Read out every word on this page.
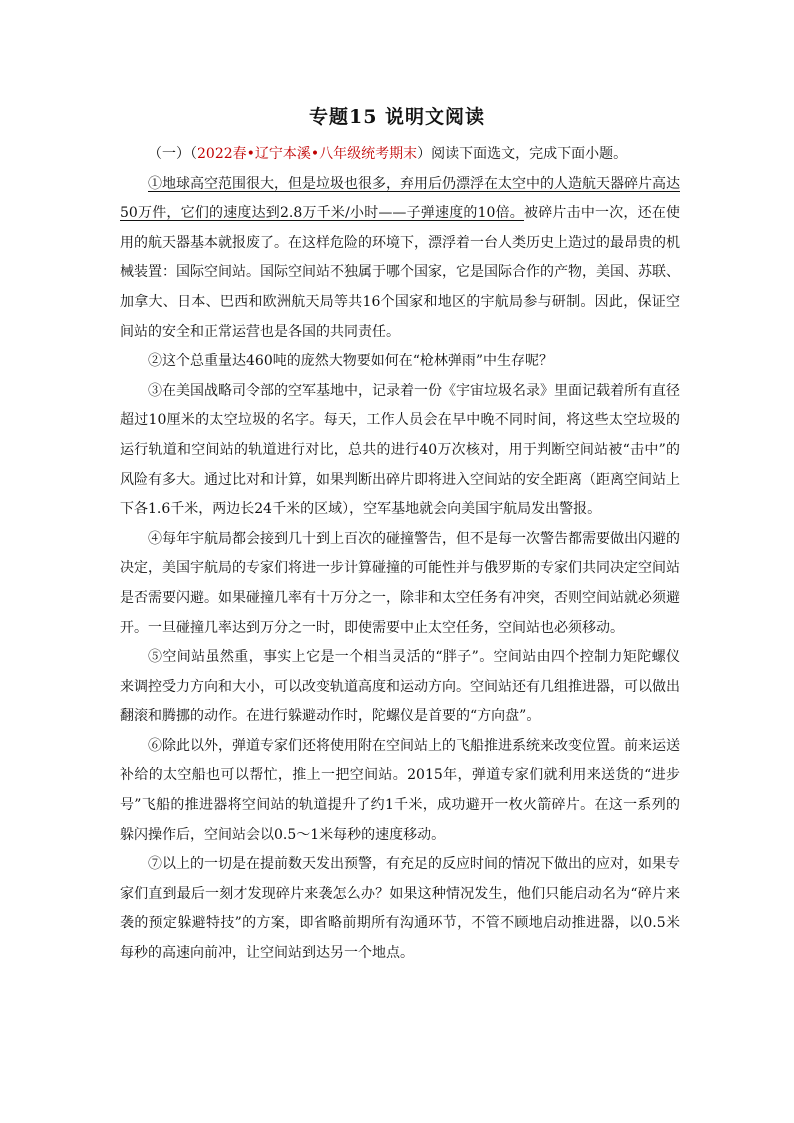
专题15 说明文阅读

（一）（2022春•辽宁本溪•八年级统考期末）阅读下面选文，完成下面小题。

①地球高空范围很大，但是垃圾也很多，弃用后仍漂浮在太空中的人造航天器碎片高达50万件，它们的速度达到2.8万千米/小时——子弹速度的10倍。被碎片击中一次，还在使用的航天器基本就报废了。在这样危险的环境下，漂浮着一台人类历史上造过的最昂贵的机械装置：国际空间站。国际空间站不独属于哪个国家，它是国际合作的产物，美国、苏联、加拿大、日本、巴西和欧洲航天局等共16个国家和地区的宇航局参与研制。因此，保证空间站的安全和正常运营也是各国的共同责任。

②这个总重量达460吨的庞然大物要如何在“枪林弹雨”中生存呢？

③在美国战略司令部的空军基地中，记录着一份《宇宙垃圾名录》里面记载着所有直径超过10厘米的太空垃圾的名字。每天，工作人员会在早中晚不同时间，将这些太空垃圾的运行轨道和空间站的轨道进行对比，总共的进行40万次核对，用于判断空间站被“击中”的风险有多大。通过比对和计算，如果判断出碎片即将进入空间站的安全距离（距离空间站上下各1.6千米，两边长24千米的区域），空军基地就会向美国宇航局发出警报。

④每年宇航局都会接到几十到上百次的碰撞警告，但不是每一次警告都需要做出闪避的决定，美国宇航局的专家们将进一步计算碰撞的可能性并与俄罗斯的专家们共同决定空间站是否需要闪避。如果碰撞几率有十万分之一，除非和太空任务有冲突，否则空间站就必须避开。一旦碰撞几率达到万分之一时，即使需要中止太空任务，空间站也必须移动。

⑤空间站虽然重，事实上它是一个相当灵活的“胖子”。空间站由四个控制力矩陀螺仪来调控受力方向和大小，可以改变轨道高度和运动方向。空间站还有几组推进器，可以做出翻滚和腾挪的动作。在进行躲避动作时，陀螺仪是首要的“方向盘”。

⑥除此以外，弹道专家们还将使用附在空间站上的飞船推进系统来改变位置。前来运送补给的太空船也可以帮忙，推上一把空间站。2015年，弹道专家们就利用来送货的“进步号”飞船的推进器将空间站的轨道提升了约1千米，成功避开一枚火箭碎片。在这一系列的躲闪操作后，空间站会以0.5～1米每秒的速度移动。

⑦以上的一切是在提前数天发出预警，有充足的反应时间的情况下做出的应对，如果专家们直到最后一刻才发现碎片来袭怎么办？如果这种情况发生，他们只能启动名为“碎片来袭的预定躲避特技”的方案，即省略前期所有沟通环节，不管不顾地启动推进器，以0.5米每秒的高速向前冲，让空间站到达另一个地点。
